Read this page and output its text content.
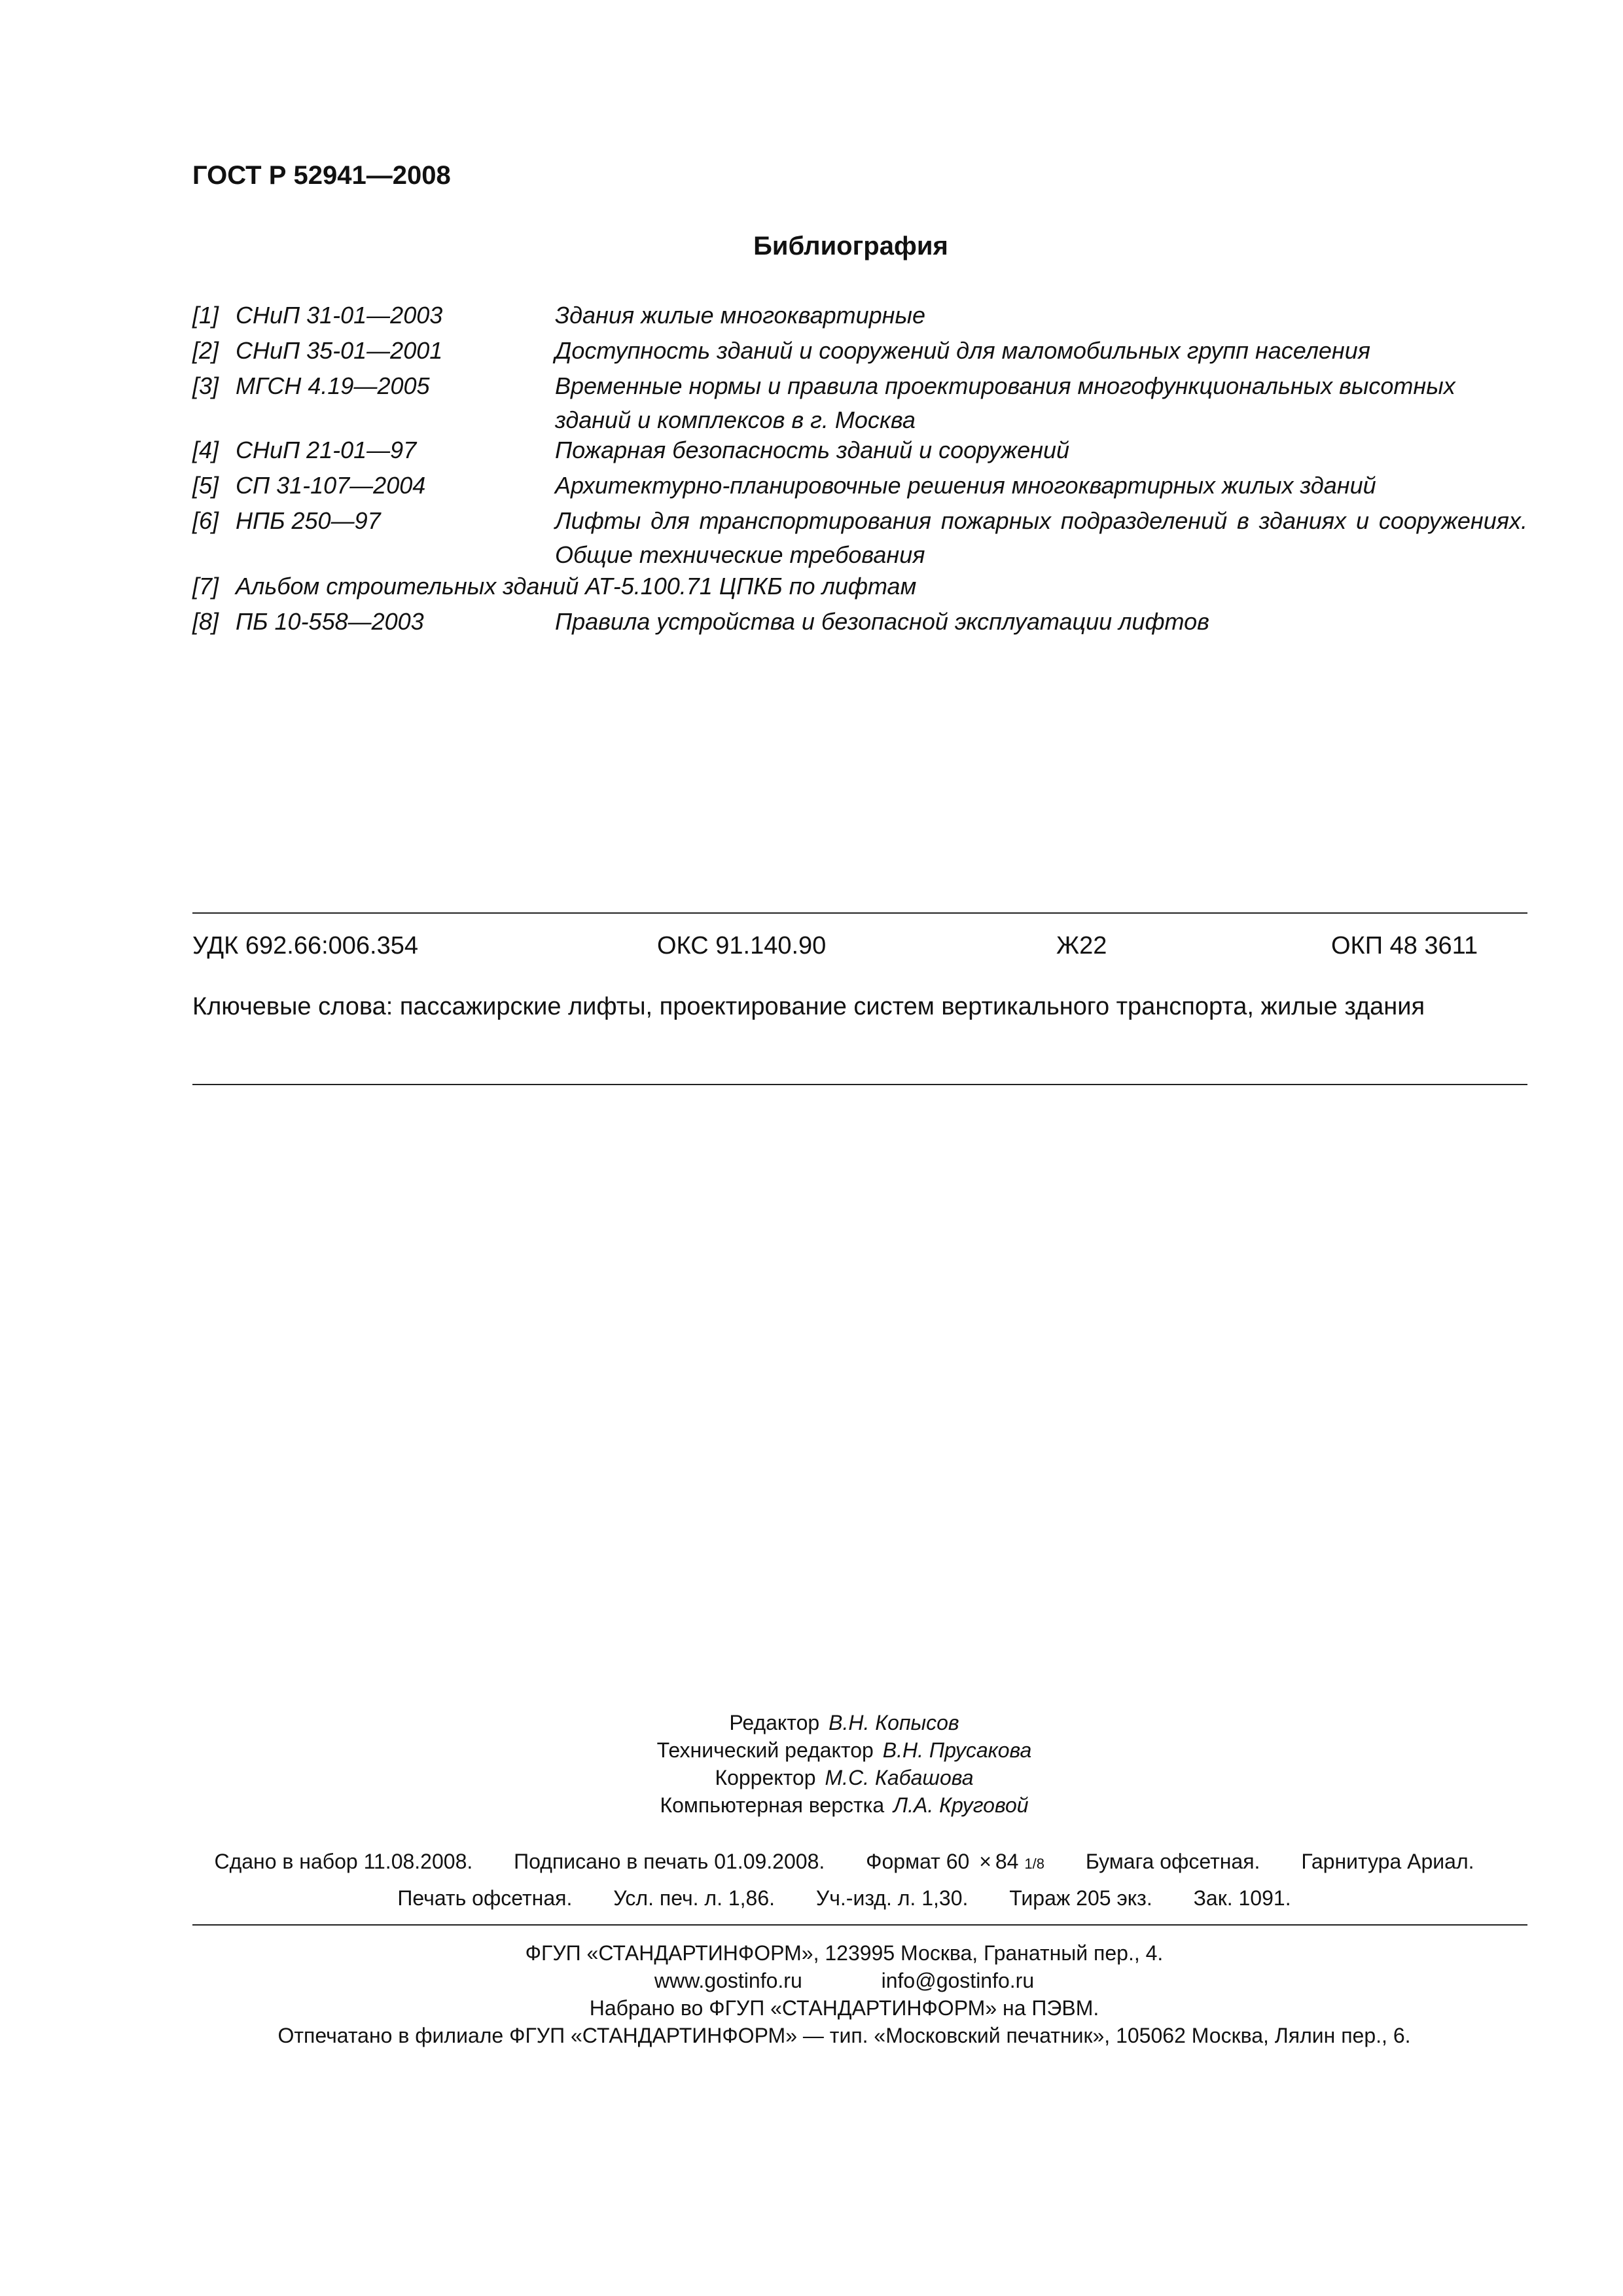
ГОСТ Р 52941—2008
Библиография
[1] СНиП 31-01—2003	Здания жилые многоквартирные
[2] СНиП 35-01—2001	Доступность зданий и сооружений для маломобильных групп населения
[3] МГСН 4.19—2005	Временные нормы и правила проектирования многофункциональных высотных зданий и комплексов в г. Москва
[4] СНиП 21-01—97	Пожарная безопасность зданий и сооружений
[5] СП 31-107—2004	Архитектурно-планировочные решения многоквартирных жилых зданий
[6] НПБ 250—97	Лифты для транспортирования пожарных подразделений в зданиях и сооружениях. Общие технические требования
[7] Альбом строительных зданий АТ-5.100.71 ЦПКБ по лифтам
[8] ПБ 10-558—2003	Правила устройства и безопасной эксплуатации лифтов
УДК 692.66:006.354	ОКС 91.140.90	Ж22	ОКП 48 3611
Ключевые слова: пассажирские лифты, проектирование систем вертикального транспорта, жилые здания
Редактор В.Н. Копысов
Технический редактор В.Н. Прусакова
Корректор М.С. Кабашова
Компьютерная верстка Л.А. Круговой
Сдано в набор 11.08.2008. Подписано в печать 01.09.2008. Формат 60 × 84 1/8 Бумага офсетная. Гарнитура Ариал.
Печать офсетная. Усл. печ. л. 1,86. Уч.-изд. л. 1,30. Тираж 205 экз. Зак. 1091.
ФГУП «СТАНДАРТИНФОРМ», 123995 Москва, Гранатный пер., 4.
www.gostinfo.ru	info@gostinfo.ru
Набрано во ФГУП «СТАНДАРТИНФОРМ» на ПЭВМ.
Отпечатано в филиале ФГУП «СТАНДАРТИНФОРМ» — тип. «Московский печатник», 105062 Москва, Лялин пер., 6.
